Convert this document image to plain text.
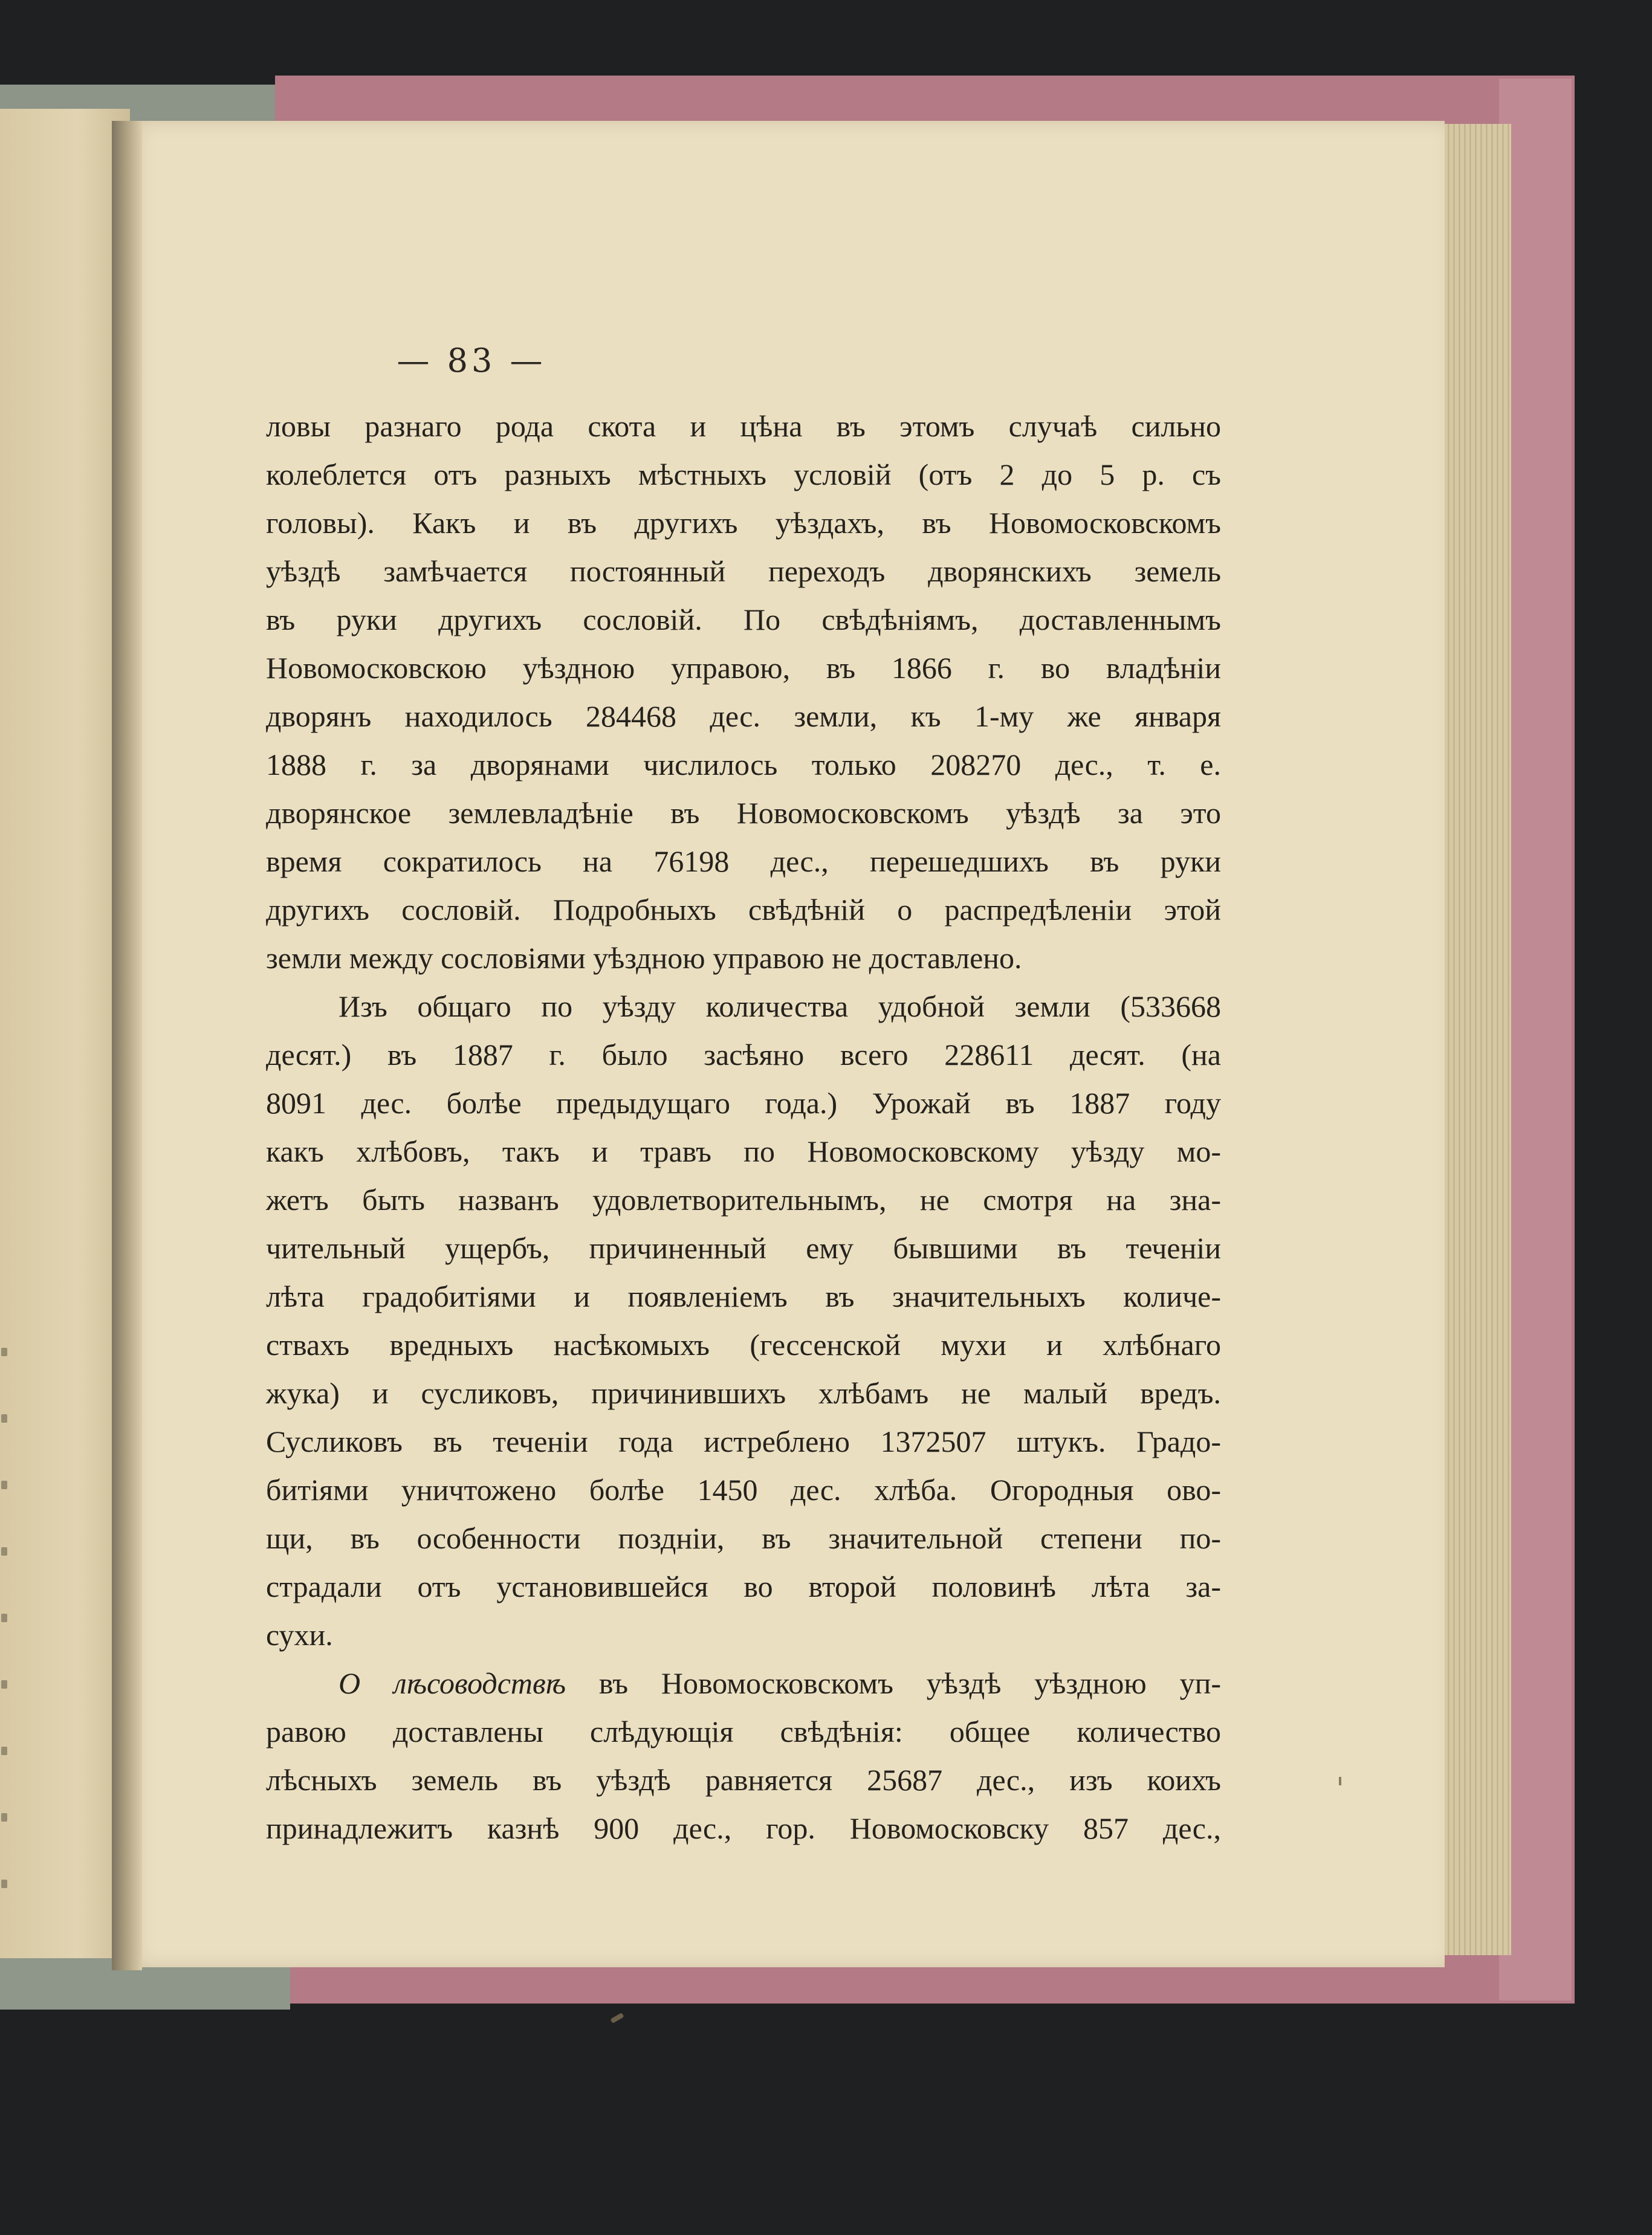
— 83 —
ловы разнаго рода скота и цѣна въ этомъ случаѣ сильно
колеблется отъ разныхъ мѣстныхъ условій (отъ 2 до 5 р. съ
головы). Какъ и въ другихъ уѣздахъ, въ Новомосковскомъ
уѣздѣ замѣчается постоянный переходъ дворянскихъ земель
въ руки другихъ сословій. По свѣдѣніямъ, доставленнымъ
Новомосковскою уѣздною управою, въ 1866 г. во владѣніи
дворянъ находилось 284468 дес. земли, къ 1-му же января
1888 г. за дворянами числилось только 208270 дес., т. е.
дворянское землевладѣніе въ Новомосковскомъ уѣздѣ за это
время сократилось на 76198 дес., перешедшихъ въ руки
другихъ сословій. Подробныхъ свѣдѣній о распредѣленіи этой
земли между сословіями уѣздною управою не доставлено.
Изъ общаго по уѣзду количества удобной земли (533668
десят.) въ 1887 г. было засѣяно всего 228611 десят. (на
8091 дес. болѣе предыдущаго года.) Урожай въ 1887 году
какъ хлѣбовъ, такъ и травъ по Новомосковскому уѣзду мо-
жетъ быть названъ удовлетворительнымъ, не смотря на зна-
чительный ущербъ, причиненный ему бывшими въ теченіи
лѣта градобитіями и появленіемъ въ значительныхъ количе-
ствахъ вредныхъ насѣкомыхъ (гессенской мухи и хлѣбнаго
жука) и сусликовъ, причинившихъ хлѣбамъ не малый вредъ.
Сусликовъ въ теченіи года истреблено 1372507 штукъ. Градо-
битіями уничтожено болѣе 1450 дес. хлѣба. Огородныя ово-
щи, въ особенности поздніи, въ значительной степени по-
страдали отъ установившейся во второй половинѣ лѣта за-
сухи.
О лѣсоводствѣ въ Новомосковскомъ уѣздѣ уѣздною уп-
равою доставлены слѣдующія свѣдѣнія: общее количество
лѣсныхъ земель въ уѣздѣ равняется 25687 дес., изъ коихъ
принадлежитъ казнѣ 900 дес., гор. Новомосковску 857 дес.,
